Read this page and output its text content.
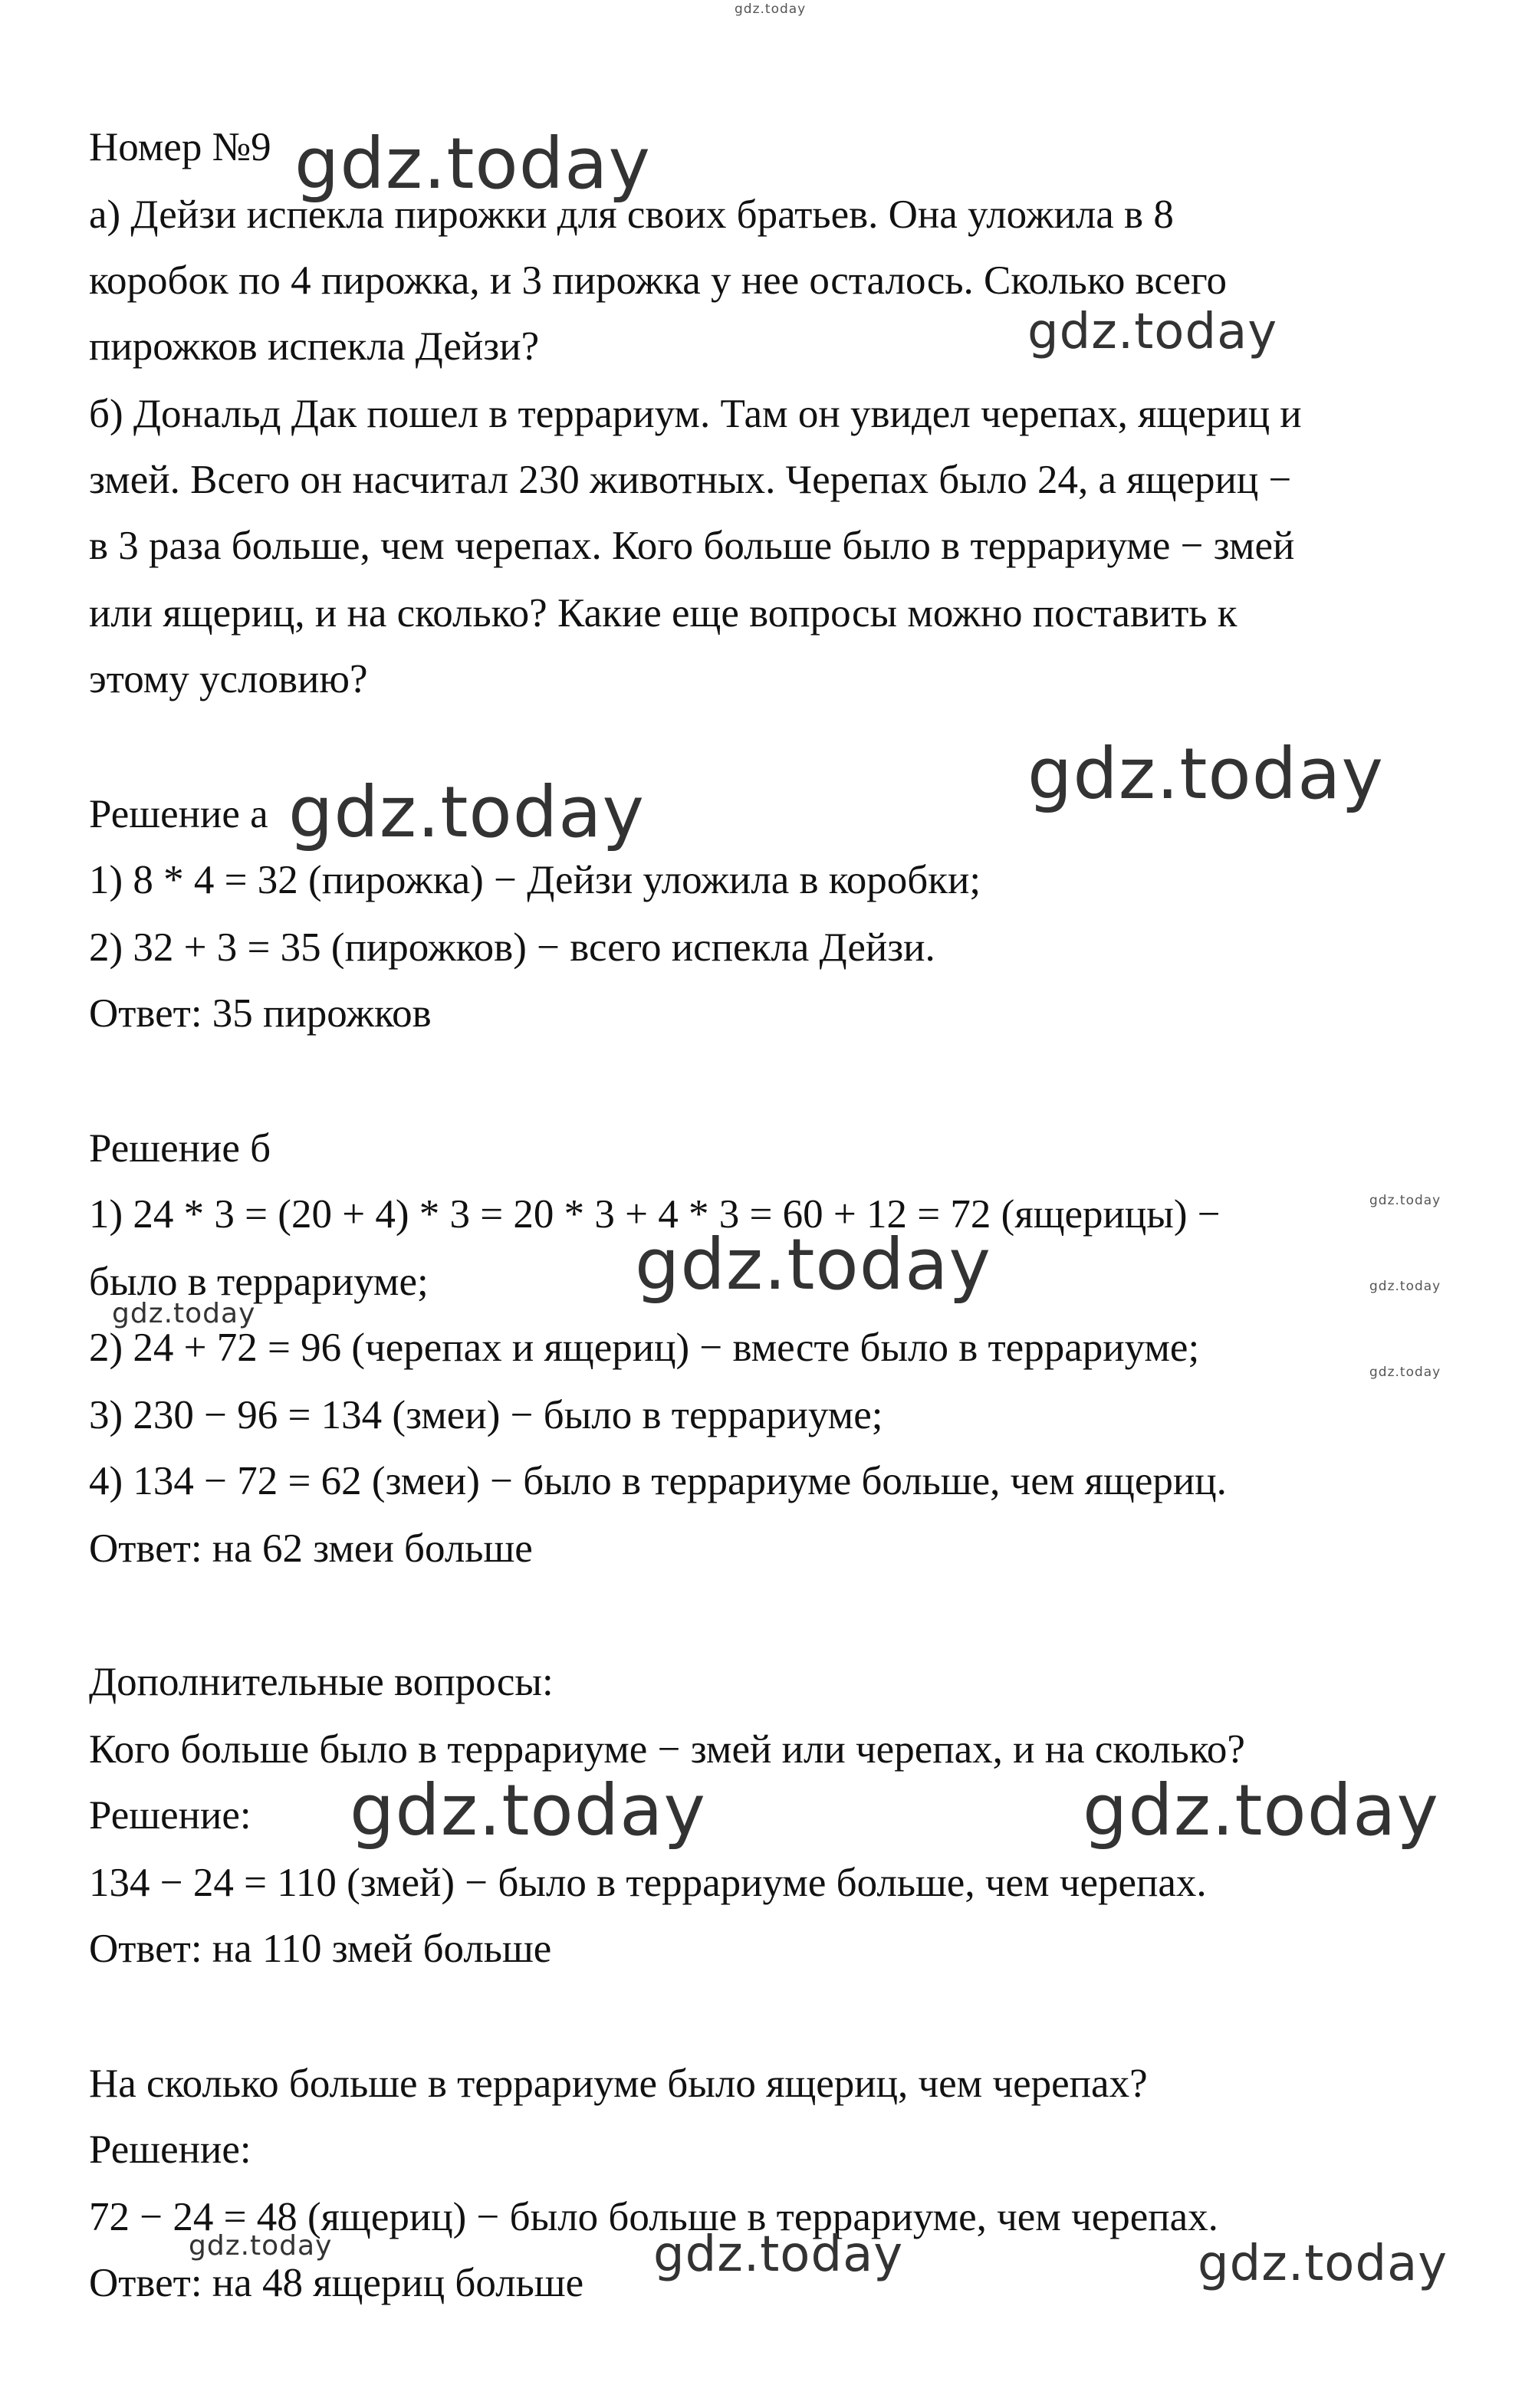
Номер №9
а) Дейзи испекла пирожки для своих братьев. Она уложила в 8
коробок по 4 пирожка, и 3 пирожка у нее осталось. Сколько всего
пирожков испекла Дейзи?
б) Дональд Дак пошел в террариум. Там он увидел черепах, ящериц и
змей. Всего он насчитал 230 животных. Черепах было 24, а ящериц −
в 3 раза больше, чем черепах. Кого больше было в террариуме − змей
или ящериц, и на сколько? Какие еще вопросы можно поставить к
этому условию?
Решение а
1) 8 * 4 = 32 (пирожка) − Дейзи уложила в коробки;
2) 32 + 3 = 35 (пирожков) − всего испекла Дейзи.
Ответ: 35 пирожков
Решение б
1) 24 * 3 = (20 + 4) * 3 = 20 * 3 + 4 * 3 = 60 + 12 = 72 (ящерицы) −
было в террариуме;
2) 24 + 72 = 96 (черепах и ящериц) − вместе было в террариуме;
3) 230 − 96 = 134 (змеи) − было в террариуме;
4) 134 − 72 = 62 (змеи) − было в террариуме больше, чем ящериц.
Ответ: на 62 змеи больше
Дополнительные вопросы:
Кого больше было в террариуме − змей или черепах, и на сколько?
Решение:
134 − 24 = 110 (змей) − было в террариуме больше, чем черепах.
Ответ: на 110 змей больше
На сколько больше в террариуме было ящериц, чем черепах?
Решение:
72 − 24 = 48 (ящериц) − было больше в террариуме, чем черепах.
Ответ: на 48 ящериц больше
gdz.today
gdz.today
gdz.today
gdz.today
gdz.today
gdz.today
gdz.today
gdz.today
gdz.today
gdz.today
gdz.today	gdz.today
gdz.today	gdz.today	gdz.today
